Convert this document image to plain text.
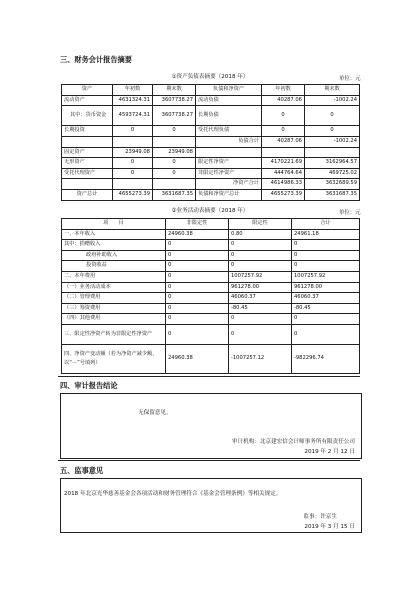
三、财务会计报告摘要
①资产负债表摘要（2018 年）	单位：元
资产	年初数	期末数	负债和净资产	年初数	期末数
流动资产	4631324.31	3607738.27	流动负债	40287.06	-1002.24
其中：货币资金	4593724.31	3607738.27	长期负债	0	0
长期投资	0	0	受托代理负债	0	0
			负债合计	40287.06	-1002.24
固定资产	23949.08	23949.08			
无形资产	0	0	限定性净资产	4170221.69	3162964.57
受托代理资产	0	0	非限定性净资产	444764.64	469725.02
			净资产合计	4614986.33	3632689.59
资产总计	4655273.39	3631687.35	负债和净资产总计	4655273.39	3631687.35
②业务活动表摘要（2018 年）	单位：元
项　　目	非限定性	限定性	合计
一、本年收入	24960.38	0.80	24961.18
其中：捐赠收入	0	0	0
政府补助收入	0	0	0
投资收益	0	0	0
二、本年费用	0	1007257.92	1007257.92
（一）业务活动成本	0	961278.00	961278.00
（二）管理费用	0	46060.37	46060.37
（三）筹资费用	0	-80.45	-80.45
（四）其他费用	0	0	0
三、限定性净资产转为非限定性净资产	0	0	0
四、净资产变动额（若为净资产减少额，以“－”号填列）	24960.38	-1007257.12	-982296.74
四、审计报告结论
无保留意见。
审计机构：北京建宏信会计师事务所有限责任公司
2019 年 2 月 12 日
五、监事意见
2018 年北京光华慈善基金会各项活动和财务管理符合《基金会管理条例》等相关规定。
监事：许京生
2019 年 3 月 15 日
